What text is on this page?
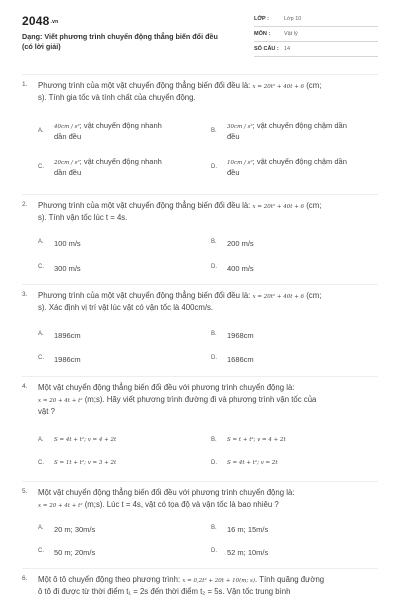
2048.vn
Dạng: Viết phương trình chuyển động thẳng biến đổi đều
(có lời giải)
LỚP :	Lớp 10
MÔN :	Vật lý
SỐ CÂU : 14
1. Phương trình của một vật chuyển động thẳng biến đổi đều là: x = 20t² + 40t + 6 (cm;
s). Tính gia tốc và tính chất của chuyển động.
A.
40cm / s²; vật chuyển động nhanh
dần đều
B.
30cm / s²; vật chuyển động chậm dần
đều
C.
20cm / s²; vật chuyển động nhanh
dần đều
D.
10cm / s²; vật chuyển động chậm dần
đều
2. Phương trình của một vật chuyển động thẳng biến đổi đều là: x = 20t² + 40t + 6 (cm;
s). Tính vận tốc lúc t = 4s.
A. 100 m/s	B. 200 m/s
C. 300 m/s	D. 400 m/s
3. Phương trình của một vật chuyển động thẳng biến đổi đều là: x = 20t² + 40t + 6 (cm;
s). Xác định vị trí vật lúc vật có vận tốc là 400cm/s.
A. 1896cm	B. 1968cm
C. 1986cm	D. 1686cm
4. Một vật chuyển động thẳng biến đổi đều với phương trình chuyển động là:
x = 20 + 4t + t² (m;s). Hãy viết phương trình đường đi và phương trình vận tốc của
vật ?
A. S = 4t + t²; v = 4 + 2t	B. S = t + t²; v = 4 + 2t
C. S = 1t + t²; v = 3 + 2t	D. S = 4t + t²; v = 2t
5. Một vật chuyển động thẳng biến đổi đều với phương trình chuyển động là:
x = 20 + 4t + t² (m;s). Lúc t = 4s, vật có tọa độ và vận tốc là bao nhiêu ?
A. 20 m; 30m/s	B. 16 m; 15m/s
C. 50 m; 20m/s	D. 52 m; 10m/s
6. Một ô tô chuyển động theo phương trình: x = 0,2t² + 20t + 10(m; s). Tính quãng đường
ô tô đi được từ thời điểm t₁ = 2s đến thời điểm t₂ = 5s. Vận tốc trung bình
